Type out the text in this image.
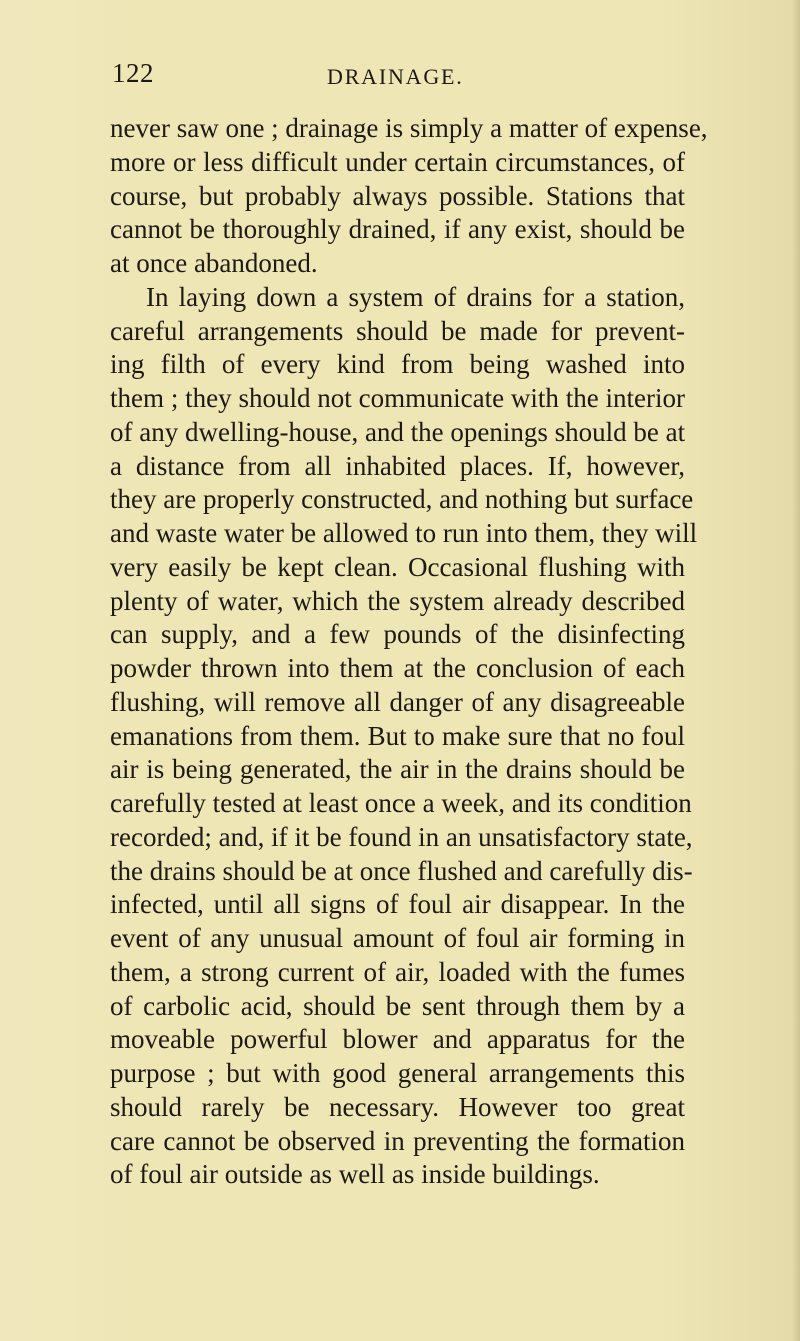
122	DRAINAGE.
never saw one ; drainage is simply a matter of expense,
more or less difficult under certain circumstances, of
course, but probably always possible. Stations that
cannot be thoroughly drained, if any exist, should be
at once abandoned.
In laying down a system of drains for a station,
careful arrangements should be made for prevent-
ing filth of every kind from being washed into
them ; they should not communicate with the interior
of any dwelling-house, and the openings should be at
a distance from all inhabited places. If, however,
they are properly constructed, and nothing but surface
and waste water be allowed to run into them, they will
very easily be kept clean. Occasional flushing with
plenty of water, which the system already described
can supply, and a few pounds of the disinfecting
powder thrown into them at the conclusion of each
flushing, will remove all danger of any disagreeable
emanations from them. But to make sure that no foul
air is being generated, the air in the drains should be
carefully tested at least once a week, and its condition
recorded; and, if it be found in an unsatisfactory state,
the drains should be at once flushed and carefully dis-
infected, until all signs of foul air disappear. In the
event of any unusual amount of foul air forming in
them, a strong current of air, loaded with the fumes
of carbolic acid, should be sent through them by a
moveable powerful blower and apparatus for the
purpose ; but with good general arrangements this
should rarely be necessary. However too great
care cannot be observed in preventing the formation
of foul air outside as well as inside buildings.
